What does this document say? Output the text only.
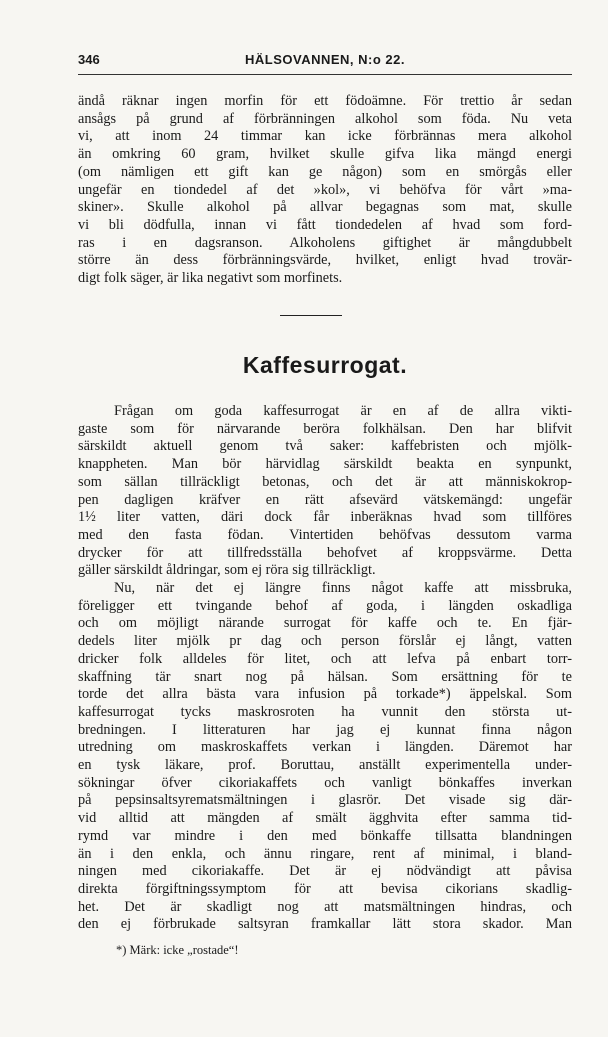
346	HÄLSOVANNEN, N:o 22.
ändå räknar ingen morfin för ett födoämne. För trettio år sedan
ansågs på grund af förbränningen alkohol som föda. Nu veta
vi, att inom 24 timmar kan icke förbrännas mera alkohol
än omkring 60 gram, hvilket skulle gifva lika mängd energi
(om nämligen ett gift kan ge någon) som en smörgås eller
ungefär en tiondedel af det »kol», vi behöfva för vårt »ma-
skiner». Skulle alkohol på allvar begagnas som mat, skulle
vi bli dödfulla, innan vi fått tiondedelen af hvad som ford-
ras i en dagsranson. Alkoholens giftighet är mångdubbelt
större än dess förbränningsvärde, hvilket, enligt hvad trovär-
digt folk säger, är lika negativt som morfinets.
Kaffesurrogat.
Frågan om goda kaffesurrogat är en af de allra vikti-
gaste som för närvarande beröra folkhälsan. Den har blifvit
särskildt aktuell genom två saker: kaffebristen och mjölk-
knappheten. Man bör härvidlag särskildt beakta en synpunkt,
som sällan tillräckligt betonas, och det är att människokrop-
pen dagligen kräfver en rätt afsevärd vätskemängd: ungefär
1½ liter vatten, däri dock får inberäknas hvad som tillföres
med den fasta födan. Vintertiden behöfvas dessutom varma
drycker för att tillfredsställa behofvet af kroppsvärme. Detta
gäller särskildt åldringar, som ej röra sig tillräckligt.
Nu, när det ej längre finns något kaffe att missbruka,
föreligger ett tvingande behof af goda, i längden oskadliga
och om möjligt närande surrogat för kaffe och te. En fjär-
dedels liter mjölk pr dag och person förslår ej långt, vatten
dricker folk alldeles för litet, och att lefva på enbart torr-
skaffning tär snart nog på hälsan. Som ersättning för te
torde det allra bästa vara infusion på torkade*) äppelskal. Som
kaffesurrogat tycks maskrosroten ha vunnit den största ut-
bredningen. I litteraturen har jag ej kunnat finna någon
utredning om maskroskaffets verkan i längden. Däremot har
en tysk läkare, prof. Boruttau, anställt experimentella under-
sökningar öfver cikoriakaffets och vanligt bönkaffes inverkan
på pepsinsaltsyrematsmältningen i glasrör. Det visade sig där-
vid alltid att mängden af smält ägghvita efter samma tid-
rymd var mindre i den med bönkaffe tillsatta blandningen
än i den enkla, och ännu ringare, rent af minimal, i bland-
ningen med cikoriakaffe. Det är ej nödvändigt att påvisa
direkta förgiftningssymptom för att bevisa cikorians skadlig-
het. Det är skadligt nog att matsmältningen hindras, och
den ej förbrukade saltsyran framkallar lätt stora skador. Man
*) Märk: icke „rostade“!
